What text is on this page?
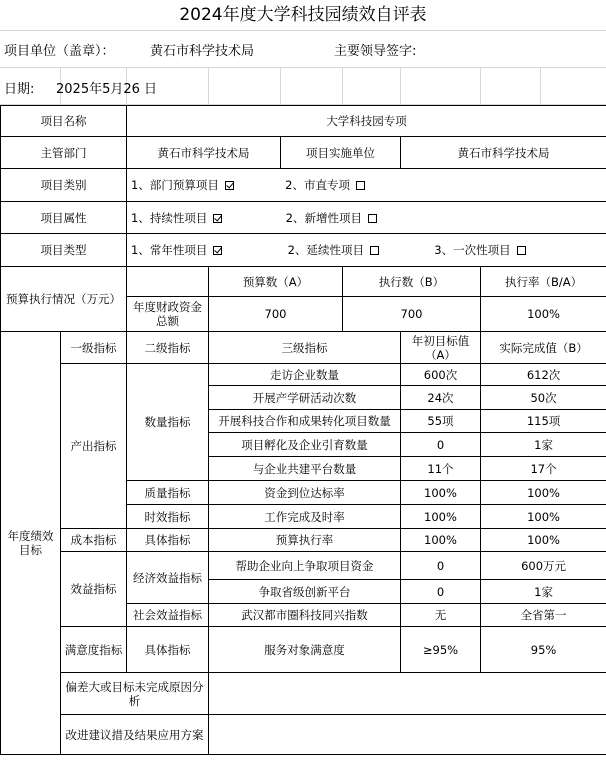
2024年度大学科技园绩效自评表
项目单位（盖章）：	黄石市科学技术局	主要领导签字:
日期: 2025年5月26 日
项目名称		大学科技园专项					
主管部门		黄石市科学技术局		项目实施单位		黄石市科学技术局	
项目类别		1、部门预算项目 2、市直专项					
项目属性		1、持续性项目 2、新增性项目					
项目类型		1、常年性项目 2、延续性项目 3、一次性项目					
预算执行情况（万元）			预算数（A）		执行数（B）		执行率（B/A）
		年度财政资金总额	700		700		100%
年度绩效目标	一级指标	二级指标	三级指标			年初目标值（A）	实际完成值（B）
	产出指标	数量指标	走访企业数量			600次	612次
			开展产学研活动次数			24次	50次
			开展科技合作和成果转化项目数量			55项	115项
			项目孵化及企业引育数量			0	1家
			与企业共建平台数量			11个	17个
		质量指标	资金到位达标率			100%	100%
		时效指标	工作完成及时率			100%	100%
	成本指标	具体指标	预算执行率			100%	100%
	效益指标	经济效益指标	帮助企业向上争取项目资金			0	600万元
			争取省级创新平台			0	1家
		社会效益指标	武汉都市圈科技同兴指数			无	全省第一
	满意度指标	具体指标	服务对象满意度			≥95%	95%
	偏差大或目标未完成原因分析						
	改进建议措及结果应用方案						
